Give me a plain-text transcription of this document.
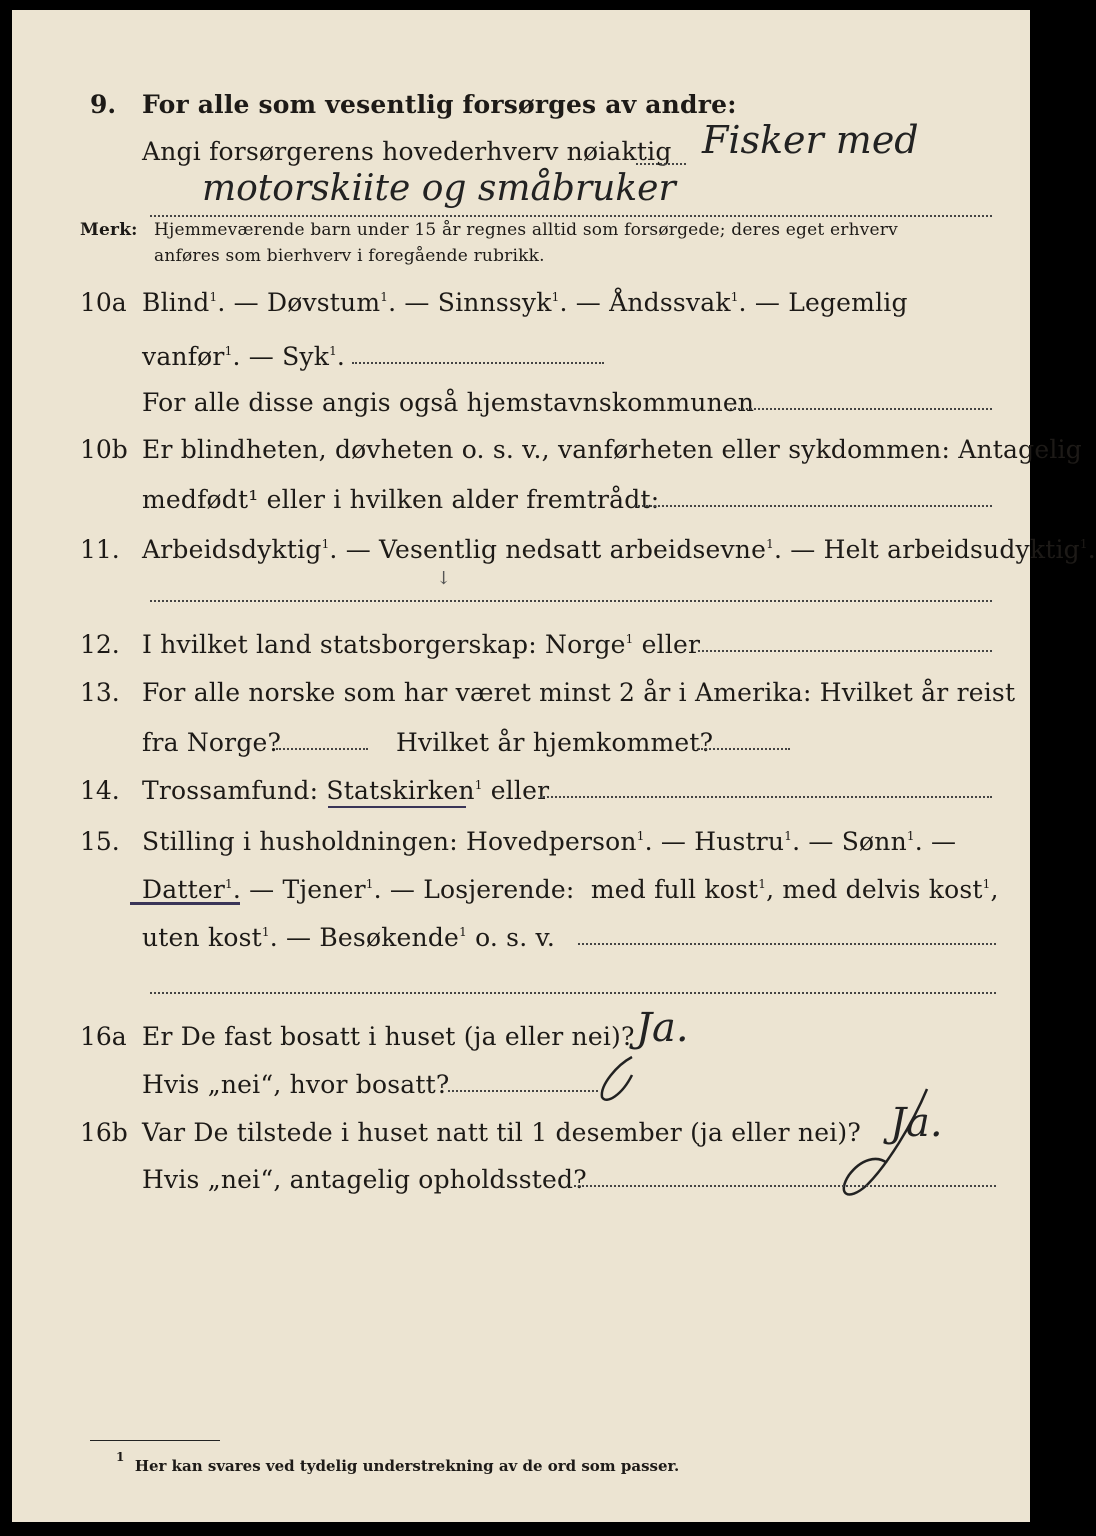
9. For alle som vesentlig forsørges av andre:
Angi forsørgerens hovederhverv nøiaktig Fisker med
motorskiite og småbruker
Merk: Hjemmeværende barn under 15 år regnes alltid som forsørgede; deres eget erhverv
anføres som bierhverv i foregående rubrikk.
10a Blind$^1$. — Døvstum$^1$. — Sinnssyk$^1$. — Åndssvak$^1$. — Legemlig
vanfør$^1$. — Syk$^1$.
For alle disse angis også hjemstavnskommunen
10b Er blindheten, døvheten o. s. v., vanførheten eller sykdommen: Antagelig
medfødt¹ eller i hvilken alder fremtrådt:
11. Arbeidsdyktig$^1$. — Vesentlig nedsatt arbeidsevne$^1$. — Helt arbeidsudyktig$^1$.
↓
12. I hvilket land statsborgerskap: Norge$^1$ eller
13. For alle norske som har været minst 2 år i Amerika: Hvilket år reist
fra Norge?	Hvilket år hjemkommet?
14. Trossamfund: Statskirken$^1$ eller
15. Stilling i husholdningen: Hovedperson$^1$. — Hustru$^1$. — Sønn$^1$. —
Datter$^1$. — Tjener$^1$. — Losjerende: med full kost$^1$, med delvis kost$^1$,
uten kost$^1$. — Besøkende$^1$ o. s. v.
16a Er De fast bosatt i huset (ja eller nei)? Ja.
Hvis „nei“, hvor bosatt?
16b Var De tilstede i huset natt til 1 desember (ja eller nei)? Ja.
Hvis „nei“, antagelig opholdssted?
$^1$ Her kan svares ved tydelig understrekning av de ord som passer.
